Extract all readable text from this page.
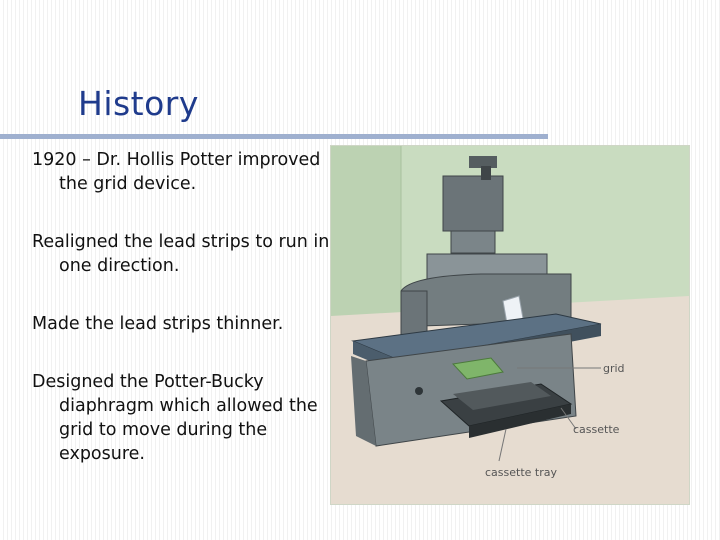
History
1920 – Dr. Hollis Potter improved the grid device.
Realigned the lead strips to run in one direction.
Made the lead strips thinner.
Designed the Potter-Bucky diaphragm which allowed the grid to move during the exposure.
grid
cassette
cassette tray
